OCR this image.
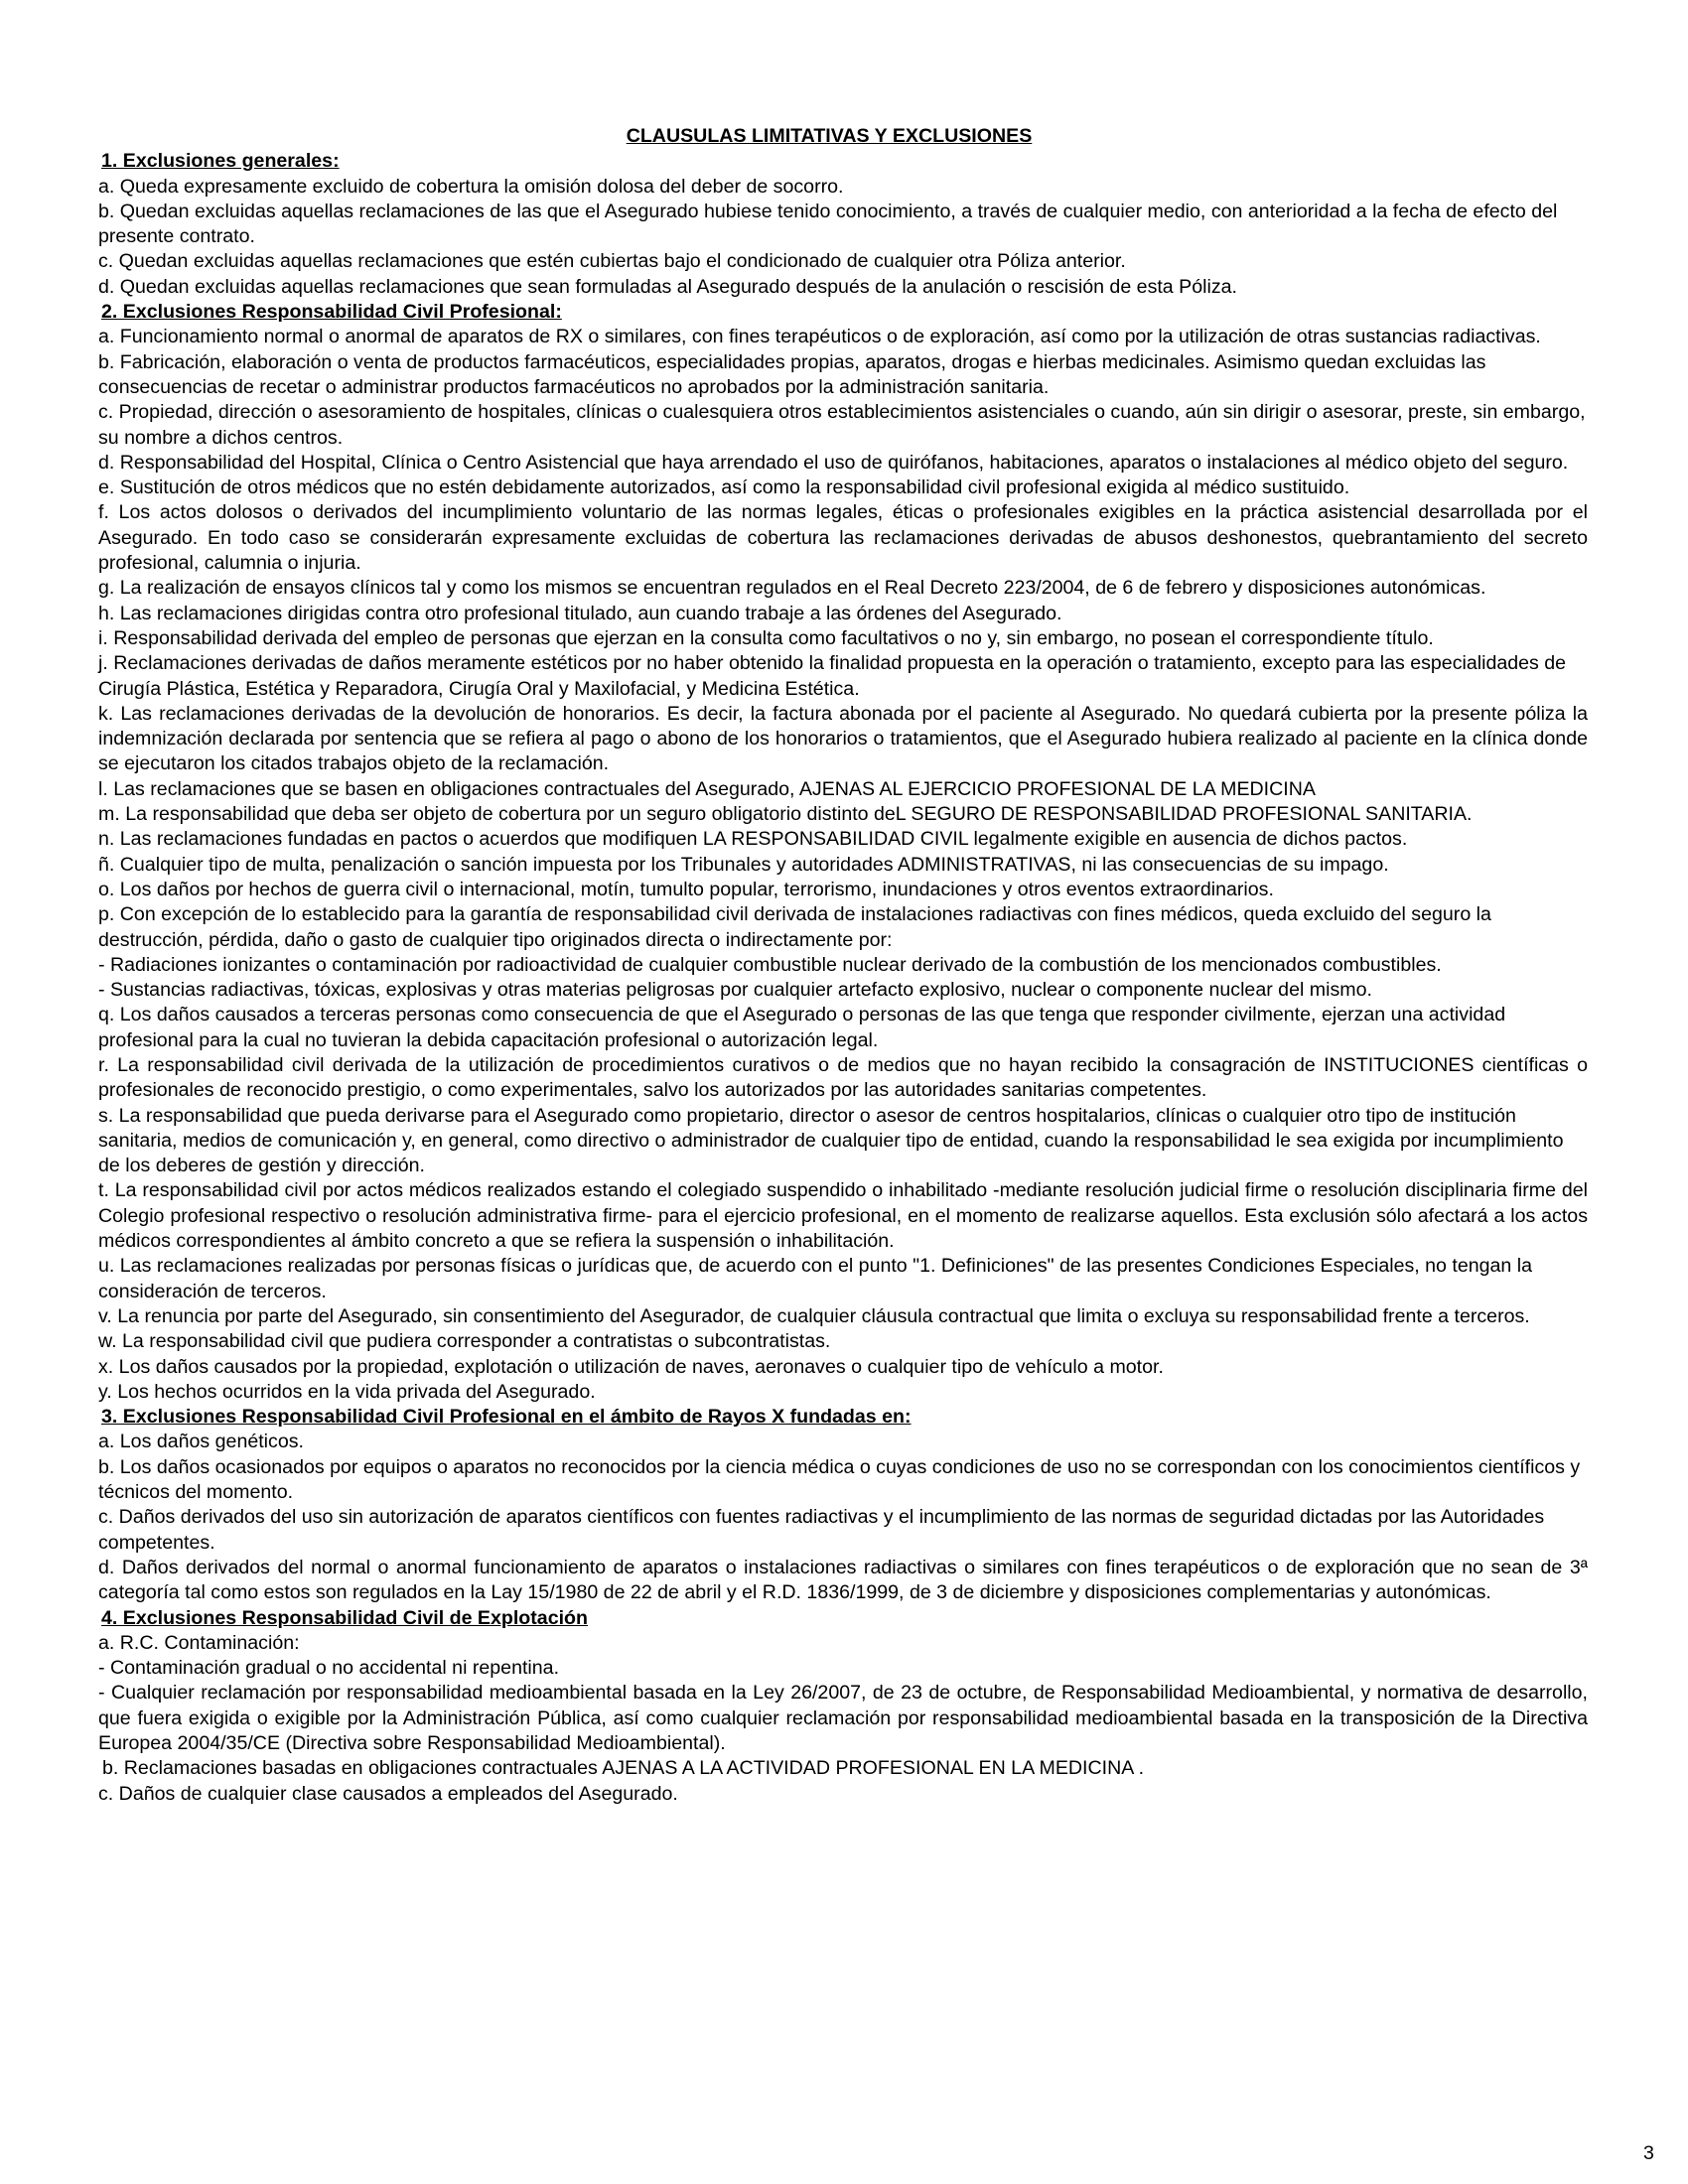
CLAUSULAS LIMITATIVAS Y EXCLUSIONES
1. Exclusiones generales:
a. Queda expresamente excluido de cobertura la omisión dolosa del deber de socorro.
b. Quedan excluidas aquellas reclamaciones de las que el Asegurado hubiese tenido conocimiento, a través de cualquier medio, con anterioridad a la fecha de efecto del presente contrato.
c. Quedan excluidas aquellas reclamaciones que estén cubiertas bajo el condicionado de cualquier otra Póliza anterior.
d. Quedan excluidas aquellas reclamaciones que sean formuladas al Asegurado después de la anulación o rescisión de esta Póliza.
2. Exclusiones Responsabilidad Civil Profesional:
a. Funcionamiento normal o anormal de aparatos de RX o similares, con fines terapéuticos o de exploración, así como por la utilización de otras sustancias radiactivas.
b. Fabricación, elaboración o venta de productos farmacéuticos, especialidades propias, aparatos, drogas e hierbas medicinales. Asimismo quedan excluidas las consecuencias de recetar o administrar productos farmacéuticos no aprobados por la administración sanitaria.
c. Propiedad, dirección o asesoramiento de hospitales, clínicas o cualesquiera otros establecimientos asistenciales o cuando, aún sin dirigir o asesorar, preste, sin embargo, su nombre a dichos centros.
d. Responsabilidad del Hospital, Clínica o Centro Asistencial que haya arrendado el uso de quirófanos, habitaciones, aparatos o instalaciones al médico objeto del seguro.
e. Sustitución de otros médicos que no estén debidamente autorizados, así como la responsabilidad civil profesional exigida al médico sustituido.
f. Los actos dolosos o derivados del incumplimiento voluntario de las normas legales, éticas o profesionales exigibles en la práctica asistencial desarrollada por el Asegurado. En todo caso se considerarán expresamente excluidas de cobertura las reclamaciones derivadas de abusos deshonestos, quebrantamiento del secreto profesional, calumnia o injuria.
g. La realización de ensayos clínicos tal y como los mismos se encuentran regulados en el Real Decreto 223/2004, de 6 de febrero y disposiciones autonómicas.
h. Las reclamaciones dirigidas contra otro profesional titulado, aun cuando trabaje a las órdenes del Asegurado.
i. Responsabilidad derivada del empleo de personas que ejerzan en la consulta como facultativos o no y, sin embargo, no posean el correspondiente título.
j. Reclamaciones derivadas de daños meramente estéticos por no haber obtenido la finalidad propuesta en la operación o tratamiento, excepto para las especialidades de Cirugía Plástica, Estética y Reparadora, Cirugía Oral y Maxilofacial, y Medicina Estética.
k. Las reclamaciones derivadas de la devolución de honorarios. Es decir, la factura abonada por el paciente al Asegurado. No quedará cubierta por la presente póliza la indemnización declarada por sentencia que se refiera al pago o abono de los honorarios o tratamientos, que el Asegurado hubiera realizado al paciente en la clínica donde se ejecutaron los citados trabajos objeto de la reclamación.
l. Las reclamaciones que se basen en obligaciones contractuales del Asegurado, AJENAS AL EJERCICIO PROFESIONAL DE LA MEDICINA
m. La responsabilidad que deba ser objeto de cobertura por un seguro obligatorio distinto deL SEGURO DE RESPONSABILIDAD PROFESIONAL SANITARIA.
n. Las reclamaciones fundadas en pactos o acuerdos que modifiquen LA RESPONSABILIDAD CIVIL legalmente exigible en ausencia de dichos pactos.
ñ. Cualquier tipo de multa, penalización o sanción impuesta por los Tribunales y autoridades ADMINISTRATIVAS, ni las consecuencias de su impago.
o. Los daños por hechos de guerra civil o internacional, motín, tumulto popular, terrorismo, inundaciones y otros eventos extraordinarios.
p. Con excepción de lo establecido para la garantía de responsabilidad civil derivada de instalaciones radiactivas con fines médicos, queda excluido del seguro la destrucción, pérdida, daño o gasto de cualquier tipo originados directa o indirectamente por:
- Radiaciones ionizantes o contaminación por radioactividad de cualquier combustible nuclear derivado de la combustión de los mencionados combustibles.
- Sustancias radiactivas, tóxicas, explosivas y otras materias peligrosas por cualquier artefacto explosivo, nuclear o componente nuclear del mismo.
q. Los daños causados a terceras personas como consecuencia de que el Asegurado o personas de las que tenga que responder civilmente, ejerzan una actividad profesional para la cual no tuvieran la debida capacitación profesional o autorización legal.
r. La responsabilidad civil derivada de la utilización de procedimientos curativos o de medios que no hayan recibido la consagración de INSTITUCIONES científicas o profesionales de reconocido prestigio, o como experimentales, salvo los autorizados por las autoridades sanitarias competentes.
s. La responsabilidad que pueda derivarse para el Asegurado como propietario, director o asesor de centros hospitalarios, clínicas o cualquier otro tipo de institución sanitaria, medios de comunicación y, en general, como directivo o administrador de cualquier tipo de entidad, cuando la responsabilidad le sea exigida por incumplimiento de los deberes de gestión y dirección.
t. La responsabilidad civil por actos médicos realizados estando el colegiado suspendido o inhabilitado -mediante resolución judicial firme o resolución disciplinaria firme del Colegio profesional respectivo o resolución administrativa firme- para el ejercicio profesional, en el momento de realizarse aquellos. Esta exclusión sólo afectará a los actos médicos correspondientes al ámbito concreto a que se refiera la suspensión o inhabilitación.
u. Las reclamaciones realizadas por personas físicas o jurídicas que, de acuerdo con el punto "1. Definiciones" de las presentes Condiciones Especiales, no tengan la consideración de terceros.
v. La renuncia por parte del Asegurado, sin consentimiento del Asegurador, de cualquier cláusula contractual que limita o excluya su responsabilidad frente a terceros.
w. La responsabilidad civil que pudiera corresponder a contratistas o subcontratistas.
x. Los daños causados por la propiedad, explotación o utilización de naves, aeronaves o cualquier tipo de vehículo a motor.
y. Los hechos ocurridos en la vida privada del Asegurado.
3. Exclusiones Responsabilidad Civil Profesional en el ámbito de Rayos X fundadas en:
a. Los daños genéticos.
b. Los daños ocasionados por equipos o aparatos no reconocidos por la ciencia médica o cuyas condiciones de uso no se correspondan con los conocimientos científicos y técnicos del momento.
c. Daños derivados del uso sin autorización de aparatos científicos con fuentes radiactivas y el incumplimiento de las normas de seguridad dictadas por las Autoridades competentes.
d. Daños derivados del normal o anormal funcionamiento de aparatos o instalaciones radiactivas o similares con fines terapéuticos o de exploración que no sean de 3ª categoría tal como estos son regulados en la Lay 15/1980 de 22 de abril y el R.D. 1836/1999, de 3 de diciembre y disposiciones complementarias y autonómicas.
4. Exclusiones Responsabilidad Civil de Explotación
a. R.C. Contaminación:
- Contaminación gradual o no accidental ni repentina.
- Cualquier reclamación por responsabilidad medioambiental basada en la Ley 26/2007, de 23 de octubre, de Responsabilidad Medioambiental, y normativa de desarrollo, que fuera exigida o exigible por la Administración Pública, así como cualquier reclamación por responsabilidad medioambiental basada en la transposición de la Directiva Europea 2004/35/CE (Directiva sobre Responsabilidad Medioambiental).
b. Reclamaciones basadas en obligaciones contractuales AJENAS A LA ACTIVIDAD PROFESIONAL EN LA MEDICINA .
c. Daños de cualquier clase causados a empleados del Asegurado.
3
